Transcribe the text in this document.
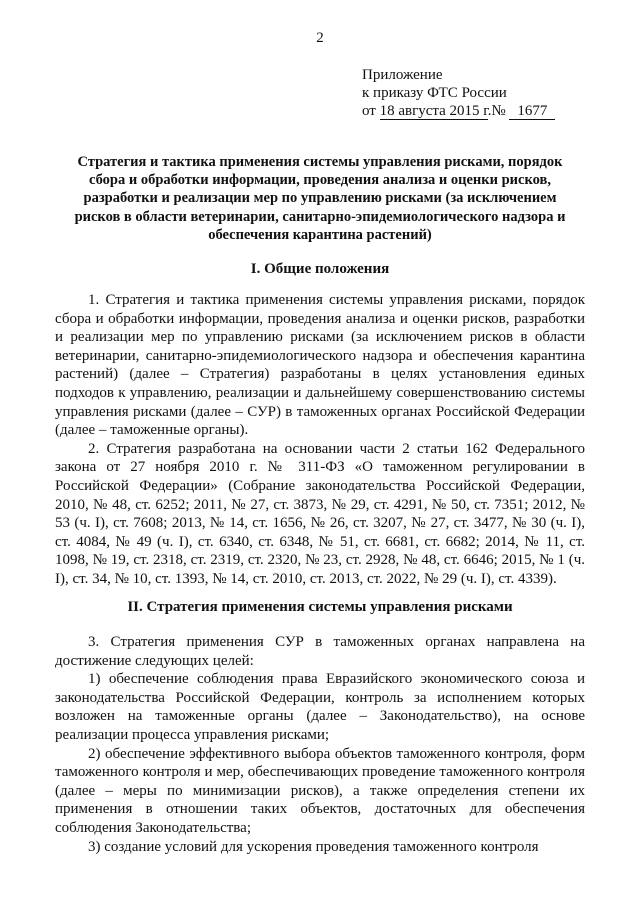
2
Приложение
к приказу ФТС России
от 18 августа 2015 г. № 1677
Стратегия и тактика применения системы управления рисками, порядок сбора и обработки информации, проведения анализа и оценки рисков, разработки и реализации мер по управлению рисками (за исключением рисков в области ветеринарии, санитарно-эпидемиологического надзора и обеспечения карантина растений)
I. Общие положения

1. Стратегия и тактика применения системы управления рисками, порядок сбора и обработки информации, проведения анализа и оценки рисков, разработки и реализации мер по управлению рисками (за исключением рисков в области ветеринарии, санитарно-эпидемиологического надзора и обеспечения карантина растений) (далее – Стратегия) разработаны в целях установления единых подходов к управлению, реализации и дальнейшему совершенствованию системы управления рисками (далее – СУР) в таможенных органах Российской Федерации (далее – таможенные органы).

2. Стратегия разработана на основании части 2 статьи 162 Федерального закона от 27 ноября 2010 г. № 311-ФЗ «О таможенном регулировании в Российской Федерации» (Собрание законодательства Российской Федерации, 2010, № 48, ст. 6252; 2011, № 27, ст. 3873, № 29, ст. 4291, № 50, ст. 7351; 2012, № 53 (ч. I), ст. 7608; 2013, № 14, ст. 1656, № 26, ст. 3207, № 27, ст. 3477, № 30 (ч. I), ст. 4084, № 49 (ч. I), ст. 6340, ст. 6348, № 51, ст. 6681, ст. 6682; 2014, № 11, ст. 1098, № 19, ст. 2318, ст. 2319, ст. 2320, № 23, ст. 2928, № 48, ст. 6646; 2015, № 1 (ч. I), ст. 34, № 10, ст. 1393, № 14, ст. 2010, ст. 2013, ст. 2022, № 29 (ч. I), ст. 4339).

II. Стратегия применения системы управления рисками

3. Стратегия применения СУР в таможенных органах направлена на достижение следующих целей:

1) обеспечение соблюдения права Евразийского экономического союза и законодательства Российской Федерации, контроль за исполнением которых возложен на таможенные органы (далее – Законодательство), на основе реализации процесса управления рисками;

2) обеспечение эффективного выбора объектов таможенного контроля, форм таможенного контроля и мер, обеспечивающих проведение таможенного контроля (далее – меры по минимизации рисков), а также определения степени их применения в отношении таких объектов, достаточных для обеспечения соблюдения Законодательства;

3) создание условий для ускорения проведения таможенного контроля
